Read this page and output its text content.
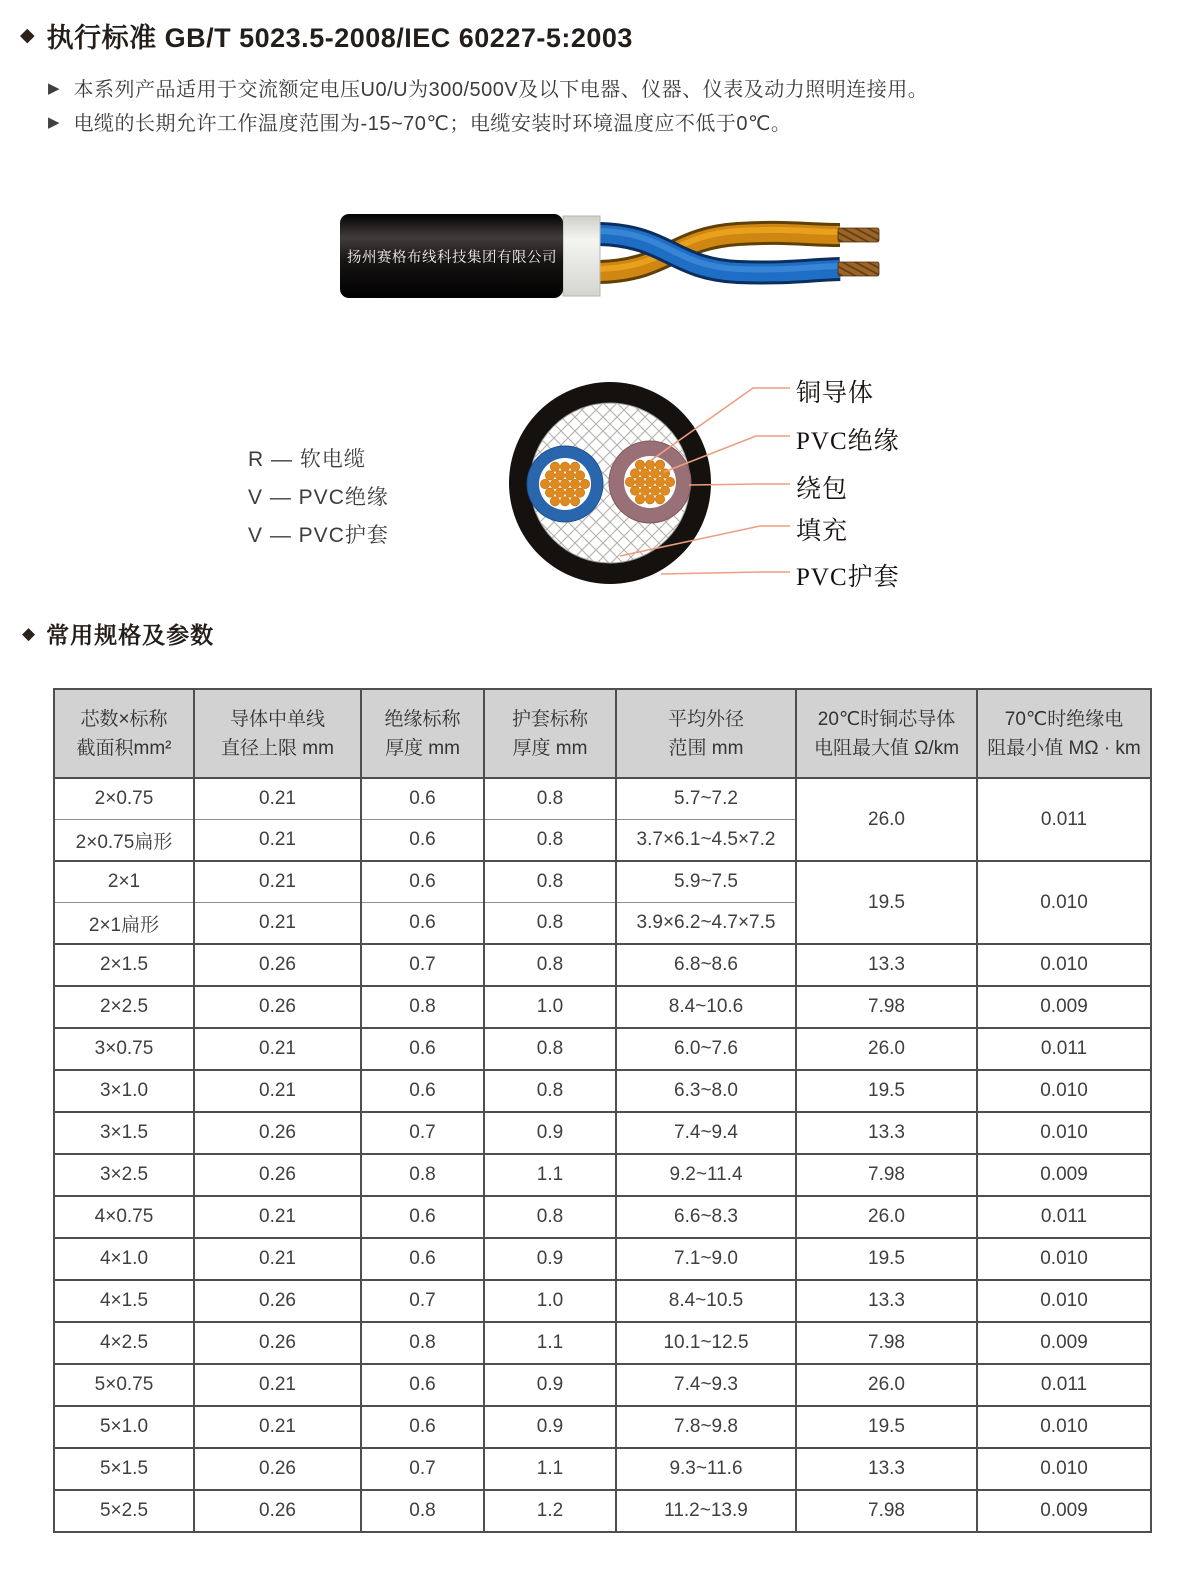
◆ 执行标准 GB/T 5023.5-2008/IEC 60227-5:2003
▶ 本系列产品适用于交流额定电压U0/U为300/500V及以下电器、仪器、仪表及动力照明连接用。
▶ 电缆的长期允许工作温度范围为-15~70℃；电缆安装时环境温度应不低于0℃。
扬州赛格布线科技集团有限公司
R — 软电缆
V — PVC绝缘
V — PVC护套
铜导体
PVC绝缘
绕包
填充
PVC护套
◆ 常用规格及参数
芯数×标称
截面积mm²

导体中单线
直径上限 mm

绝缘标称
厚度 mm

护套标称
厚度 mm

平均外径
范围 mm

20℃时铜芯导体
电阻最大值 Ω/km

70℃时绝缘电
阻最小值 MΩ · km

2×0.75	0.21	0.6	0.8	5.7~7.2	26.0	0.011
2×0.75扁形	0.21	0.6	0.8	3.7×6.1~4.5×7.2		
2×1	0.21	0.6	0.8	5.9~7.5	19.5	0.010
2×1扁形	0.21	0.6	0.8	3.9×6.2~4.7×7.5		
2×1.5	0.26	0.7	0.8	6.8~8.6	13.3	0.010
2×2.5	0.26	0.8	1.0	8.4~10.6	7.98	0.009
3×0.75	0.21	0.6	0.8	6.0~7.6	26.0	0.011
3×1.0	0.21	0.6	0.8	6.3~8.0	19.5	0.010
3×1.5	0.26	0.7	0.9	7.4~9.4	13.3	0.010
3×2.5	0.26	0.8	1.1	9.2~11.4	7.98	0.009
4×0.75	0.21	0.6	0.8	6.6~8.3	26.0	0.011
4×1.0	0.21	0.6	0.9	7.1~9.0	19.5	0.010
4×1.5	0.26	0.7	1.0	8.4~10.5	13.3	0.010
4×2.5	0.26	0.8	1.1	10.1~12.5	7.98	0.009
5×0.75	0.21	0.6	0.9	7.4~9.3	26.0	0.011
5×1.0	0.21	0.6	0.9	7.8~9.8	19.5	0.010
5×1.5	0.26	0.7	1.1	9.3~11.6	13.3	0.010
5×2.5	0.26	0.8	1.2	11.2~13.9	7.98	0.009
